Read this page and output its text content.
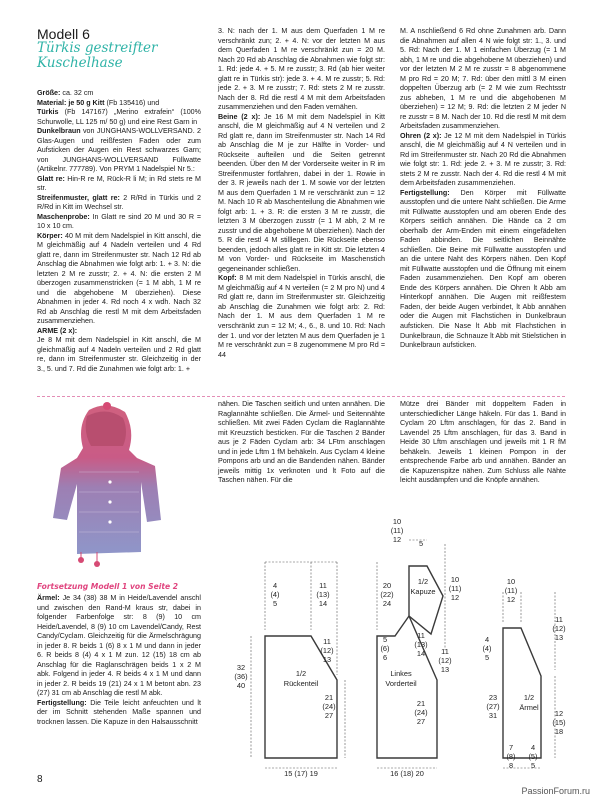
Modell 6
Türkis gestreifter
Kuschelhase

Größe: ca. 32 cm

Material: je 50 g Kitt (Fb 135416) und

Türkis (Fb 147167) „Merino extrafein“ (100% Schurwolle, LL 125 m/ 50 g) und eine Rest Garn in

Dunkelbraun von JUNGHANS-WOLLVERSAND. 2 Glas-Augen und reißfesten Faden oder zum Aufsticken der Augen ein Rest schwarzes Garn; von JUNGHANS-WOLLVERSAND Füllwatte (Artikelnr. 777789). Von PRYM 1 Nadelspiel Nr 5.:

Glatt re: Hin-R re M, Rück-R li M; in Rd stets re M str.

Streifenmuster, glatt re: 2 R/Rd in Türkis und 2 R/Rd in Kitt im Wechsel str.

Maschenprobe: In Glatt re sind 20 M und 30 R = 10 x 10 cm.

Körper: 40 M mit dem Nadelspiel in Kitt anschl, die M gleichmäßig auf 4 Nadeln verteilen und 4 Rd glatt re, dann im Streifenmuster str. Nach 12 Rd ab Anschlag die Abnahmen wie folgt arb: 1. + 3. N: die letzten 2 M re zusstr; 2. + 4. N: die ersten 2 M überzogen zusammenstricken (= 1 M abh, 1 M re und die abgehobene M überziehen). Diese Abnahmen in jeder 4. Rd noch 4 x wdh. Nach 32 Rd ab Anschlag die restl M mit dem Arbeitsfaden zusammenziehen.

ARME (2 x):

Je 8 M mit dem Nadelspiel in Kitt anschl, die M gleichmäßig auf 4 Nadeln verteilen und 2 Rd glatt re, dann im Streifenmuster str. Gleichzeitig in der 3., 5. und 7. Rd die Zunahmen wie folgt arb: 1. +

3. N: nach der 1. M aus dem Querfaden 1 M re verschränkt zun; 2. + 4. N: vor der letzten M aus dem Querfaden 1 M re verschränkt zun = 20 M. Nach 20 Rd ab Anschlag die Abnahmen wie folgt str: 1. Rd: jede 4. + 5. M re zusstr; 3. Rd (ab hier weiter glatt re in Türkis str): jede 3. + 4. M re zusstr; 5. Rd: jede 2. + 3. M re zusstr; 7. Rd: stets 2 M re zusstr. Nach der 8. Rd die restl 4 M mit dem Arbeitsfaden zusammenziehen und den Faden vernähen.

Beine (2 x): Je 16 M mit dem Nadelspiel in Kitt anschl, die M gleichmäßig auf 4 N verteilen und 2 Rd glatt re, dann im Streifenmuster str. Nach 14 Rd ab Anschlag die M je zur Hälfte in Vorder- und Rückseite aufteilen und die Seiten getrennt beenden. Über den M der Vorderseite weiter in R im Streifenmuster fortfahren, dabei in der 1. Rowie in der 3. R jeweils nach der 1. M sowie vor der letzten M aus dem Querfaden 1 M re verschränkt zun = 12 M. Nach 10 R ab Maschenteilung die Abnahmen wie folgt arb: 1. + 3. R: die ersten 3 M re zusstr, die letzten 3 M überzogen zusstr (= 1 M abh, 2 M re zusstr und die abgehobene M überziehen). Nach der 5. R die restl 4 M stilllegen. Die Rückseite ebenso beenden, jedoch alles glatt re in Kitt str. Die letzten 4 M von Vorder- und Rückseite im Maschenstich gegeneinander schließen.

Kopf: 8 M mit dem Nadelspiel in Türkis anschl, die M gleichmäßig auf 4 N verteilen (= 2 M pro N) und 4 Rd glatt re, dann im Streifenmuster str. Gleichzeitig ab Anschlag die Zunahmen wie folgt arb: 2. Rd: Nach der 1. M aus dem Querfaden 1 M re verschränkt zun = 12 M; 4., 6., 8. und 10. Rd: Nach der 1. und vor der letzten M aus dem Querfaden je 1 M re verschränkt zun = 8 zugenommene M pro Rd = 44

M. A nschließend 6 Rd ohne Zunahmen arb. Dann die Abnahmen auf allen 4 N wie folgt str: 1., 3. und 5. Rd: Nach der 1. M 1 einfachen Überzug (= 1 M abh, 1 M re und die abgehobene M überziehen) und vor der letzten M 2 M re zusstr = 8 abgenommene M pro Rd = 20 M; 7. Rd: über den mittl 3 M einen doppelten Überzug arb (= 2 M wie zum Rechtsstr zus abheben, 1 M re und die abgehobenen M überziehen) = 12 M; 9. Rd: die letzten 2 M jeder N re zusstr = 8 M. Nach der 10. Rd die restl M mit dem Arbeitsfaden zusammenziehen.

Ohren (2 x): Je 12 M mit dem Nadelspiel in Türkis anschl, die M gleichmäßig auf 4 N verteilen und in Rd im Streifenmuster str. Nach 20 Rd die Abnahmen wie folgt str: 1. Rd: jede 2. + 3. M re zusstr; 3. Rd: stets 2 M re zusstr. Nach der 4. Rd die restl 4 M mit dem Arbeitsfaden zusammenziehen.

Fertigstellung: Den Körper mit Füllwatte ausstopfen und die untere Naht schließen. Die Arme mit Füllwatte ausstopfen und am oberen Ende des Körpers seitlich annähen. Die Hände ca 2 cm oberhalb der Arm-Enden mit einem eingefädelten Faden abbinden. Die seitlichen Beinnähte schließen. Die Beine mit Füllwatte ausstopfen und an die untere Naht des Körpers nähen. Den Kopf mit Füllwatte ausstopfen und die Öffnung mit einem Faden zusammenziehen. Den Kopf am oberen Ende des Körpers annähen. Die Ohren lt Abb am Hinterkopf annähen. Die Augen mit reißfestem Faden, der beide Augen verbindet, lt Abb annähen oder die Augen mit Flachstichen in Dunkelbraun aufsticken. Die Nase lt Abb mit Flachstichen in Dunkelbraun, die Schnauze lt Abb mit Stielstichen in Dunkelbraun aufsticken.

Fortsetzung Modell 1 von Seite 2

Ärmel: Je 34 (38) 38 M in Heide/Lavendel anschl und zwischen den Rand-M kraus str, dabei in folgender Farbenfolge str: 8 (9) 10 cm Heide/Lavendel, 8 (9) 10 cm Lavendel/Candy, Rest Candy/Cyclam. Gleichzeitig für die Ärmelschrägung in jeder 8. R beids 1 (6) 8 x 1 M und dann in jeder 6. R beids 8 (4) 4 x 1 M zun. 12 (15) 18 cm ab Anschlag für die Raglanschrägen beids 1 x 2 M abk. Folgend in jeder 4. R beids 4 x 1 M und dann in jeder 2. R beids 19 (21) 24 x 1 M betont abn. 23 (27) 31 cm ab Anschlag die restl M abk.

Fertigstellung: Die Teile leicht anfeuchten und lt der im Schnitt stehenden Maße spannen und trocknen lassen. Die Kapuze in den Halsausschnitt

nähen. Die Taschen seitlich und unten annähen. Die Raglannähte schließen. Die Ärmel- und Seitennähte schließen. Mit zwei Fäden Cyclam die Raglannähte mit Kreuzstich besticken. Für die Taschen 2 Bänder aus je 2 Fäden Cyclam arb: 34 LFtm anschlagen und in jede Lftm 1 fM behäkeln. Aus Cyclam 4 kleine Pompons arb und an die Bandenden nähen. Bänder jeweils mittig 1x verknoten und lt Foto auf die Taschen nähen. Für die
Mütze drei Bänder mit doppeltem Faden in unterschiedlicher Länge häkeln. Für das 1. Band in Cyclam 20 Lftm anschlagen, für das 2. Band in Lavendel 25 Lftm anschlagen, für das 3. Band in Heide 30 Lftm anschlagen und jeweils mit 1 R fM behäkeln. Jeweils 1 kleinen Pompon in der entsprechende Farbe arb und annähen. Bänder an die Kapuzenspitze nähen. Zum Schluss alle Nähte leicht ausdämpfen und die Knöpfe annähen.
4 (4) 5
11 (13) 14
32 (36) 40
11 (12) 13
21 (24) 27
15 (17) 19
1/2
Rückenteil
20 (22) 24
11 (13) 14
5 (6) 6
11 (12) 13
21 (24) 27
16 (18) 20
Linkes
Vorderteil
10 (11) 12 5
10 (11) 12
1/2
Kapuze
4 (4) 5
10 (11) 12
11 (12) 13
12 (15) 18
23 (27) 31
1/2
Ärmel
7 (8) 8
4 (5) 5
8
PassionForum.ru
